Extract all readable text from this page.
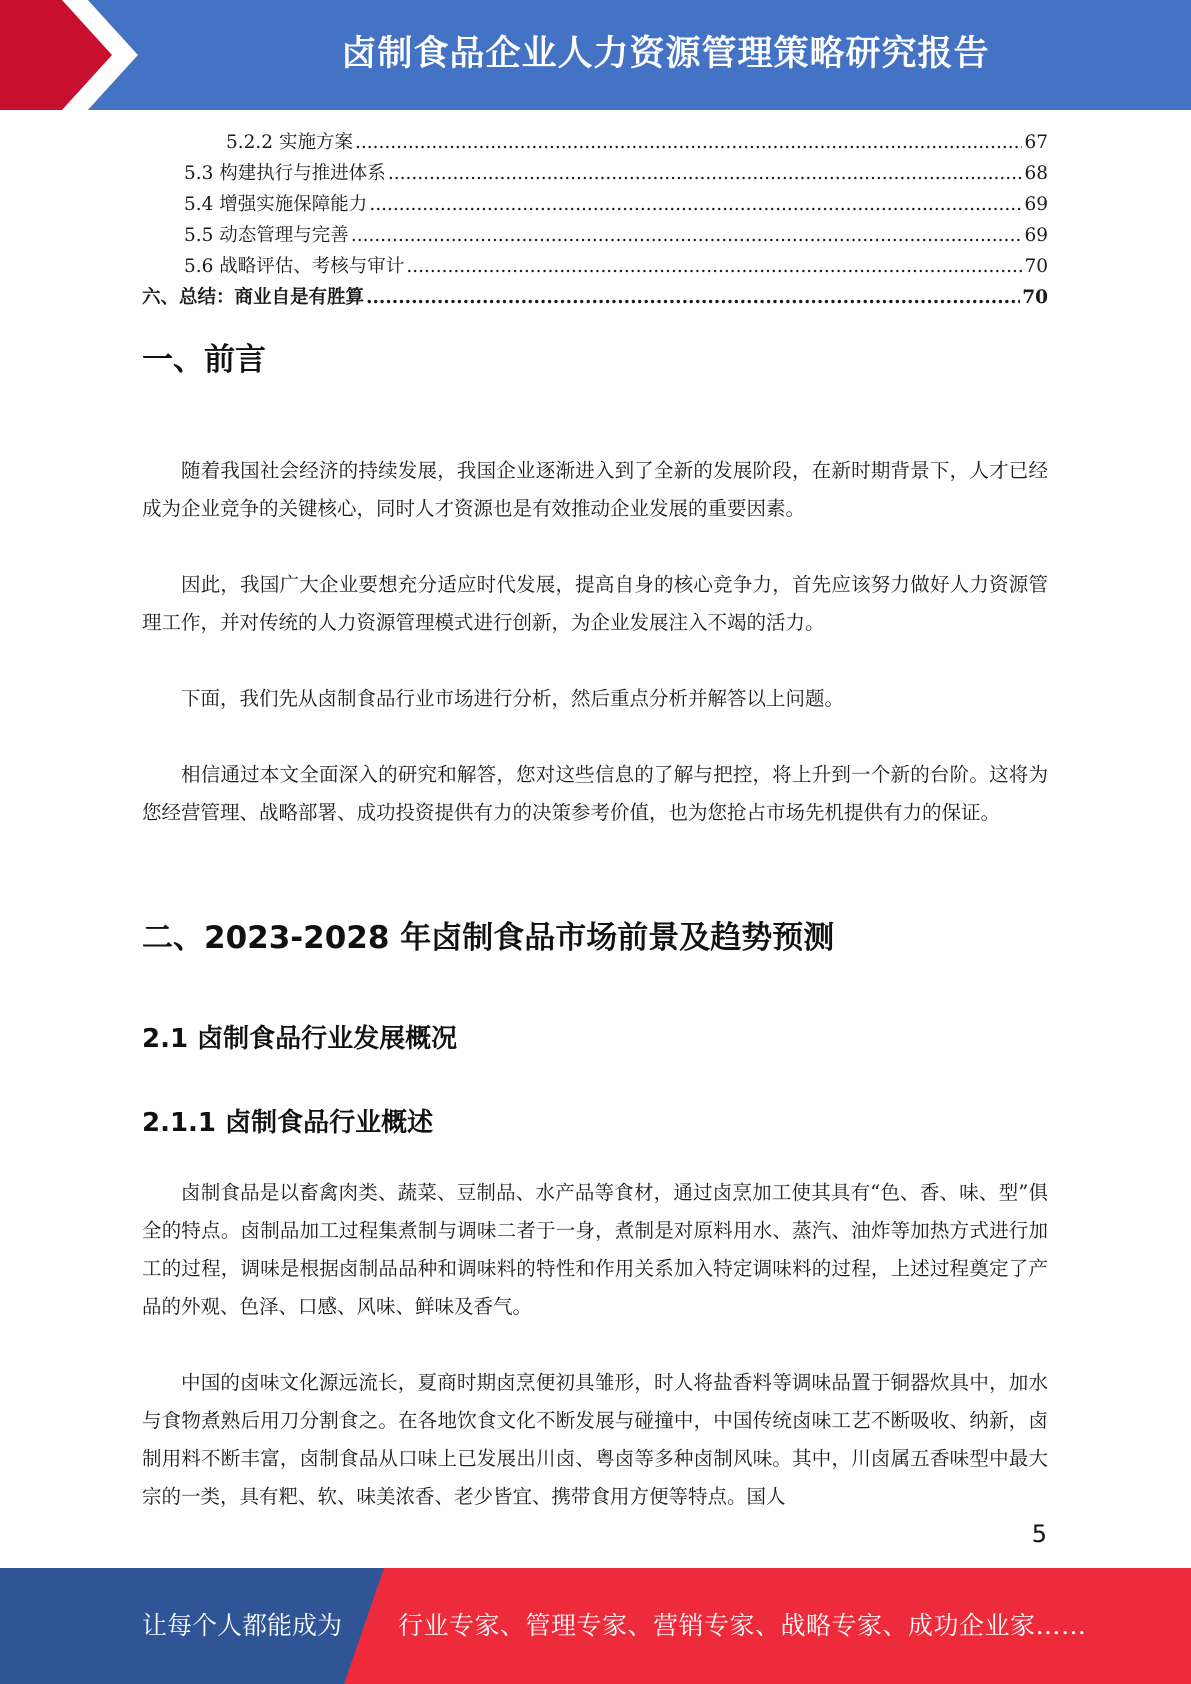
卤制食品企业人力资源管理策略研究报告
5.2.2 实施方案 .....	67
5.3 构建执行与推进体系 .....	68
5.4 增强实施保障能力 .....	69
5.5 动态管理与完善 .....	69
5.6 战略评估、考核与审计 .....	70
六、总结：商业自是有胜算 .....	70
一、前言

随着我国社会经济的持续发展，我国企业逐渐进入到了全新的发展阶段，在新时期背景下，人才已经成为企业竞争的关键核心，同时人才资源也是有效推动企业发展的重要因素。

因此，我国广大企业要想充分适应时代发展，提高自身的核心竞争力，首先应该努力做好人力资源管理工作，并对传统的人力资源管理模式进行创新，为企业发展注入不竭的活力。

下面，我们先从卤制食品行业市场进行分析，然后重点分析并解答以上问题。

相信通过本文全面深入的研究和解答，您对这些信息的了解与把控，将上升到一个新的台阶。这将为您经营管理、战略部署、成功投资提供有力的决策参考价值，也为您抢占市场先机提供有力的保证。

二、2023-2028 年卤制食品市场前景及趋势预测
2.1 卤制食品行业发展概况
2.1.1 卤制食品行业概述

卤制食品是以畜禽肉类、蔬菜、豆制品、水产品等食材，通过卤烹加工使其具有“色、香、味、型”俱全的特点。卤制品加工过程集煮制与调味二者于一身，煮制是对原料用水、蒸汽、油炸等加热方式进行加工的过程，调味是根据卤制品品种和调味料的特性和作用关系加入特定调味料的过程，上述过程奠定了产品的外观、色泽、口感、风味、鲜味及香气。

中国的卤味文化源远流长，夏商时期卤烹便初具雏形，时人将盐香料等调味品置于铜器炊具中，加水与食物煮熟后用刀分割食之。在各地饮食文化不断发展与碰撞中，中国传统卤味工艺不断吸收、纳新，卤制用料不断丰富，卤制食品从口味上已发展出川卤、粤卤等多种卤制风味。其中，川卤属五香味型中最大宗的一类，具有粑、软、味美浓香、老少皆宜、携带食用方便等特点。国人

5
让每个人都能成为 行业专家、管理专家、营销专家、战略专家、成功企业家……
